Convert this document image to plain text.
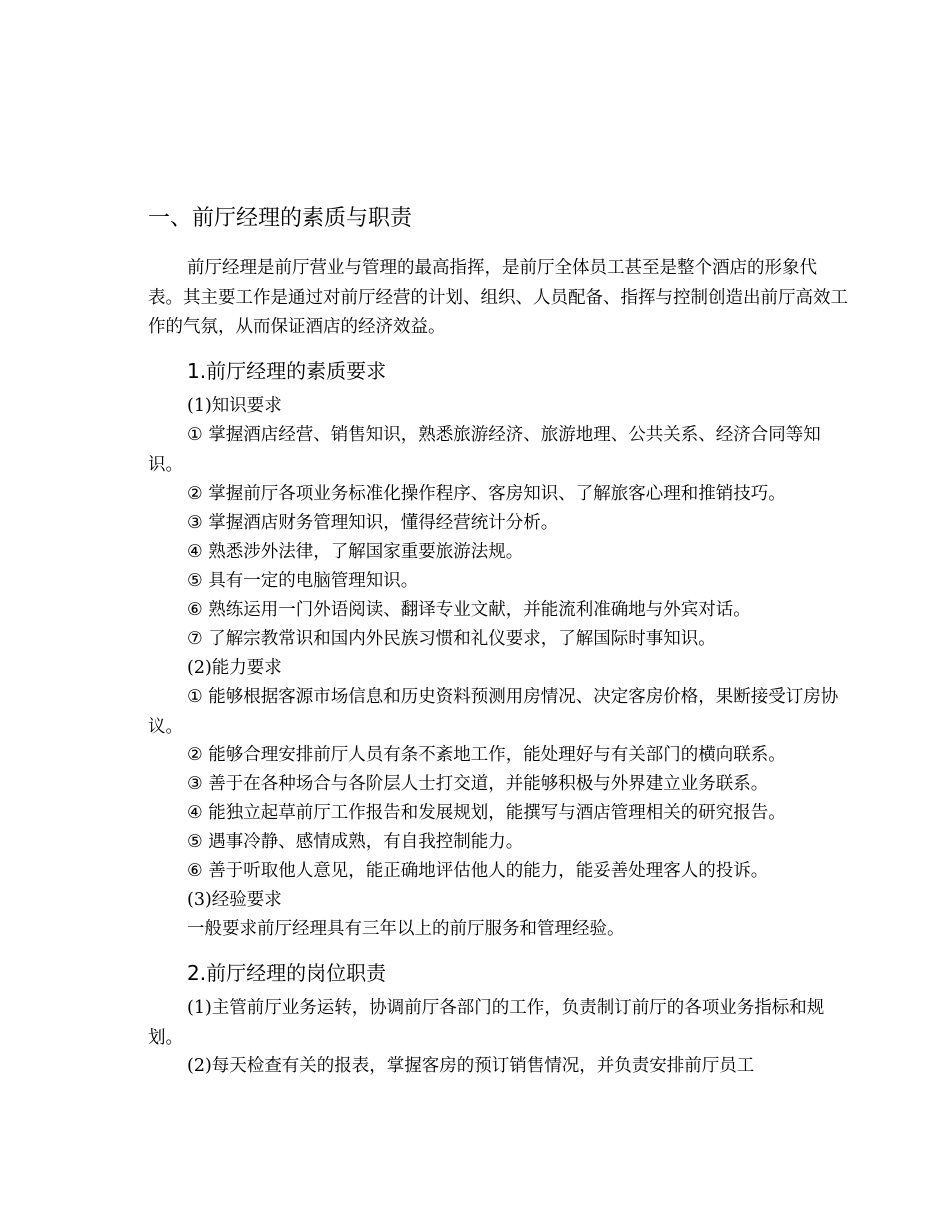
一、前厅经理的素质与职责
前厅经理是前厅营业与管理的最高指挥，是前厅全体员工甚至是整个酒店的形象代表。其主要工作是通过对前厅经营的计划、组织、人员配备、指挥与控制创造出前厅高效工作的气氛，从而保证酒店的经济效益。
1.前厅经理的素质要求
(1)知识要求
① 掌握酒店经营、销售知识，熟悉旅游经济、旅游地理、公共关系、经济合同等知识。
② 掌握前厅各项业务标准化操作程序、客房知识、了解旅客心理和推销技巧。
③ 掌握酒店财务管理知识，懂得经营统计分析。
④ 熟悉涉外法律，了解国家重要旅游法规。
⑤ 具有一定的电脑管理知识。
⑥ 熟练运用一门外语阅读、翻译专业文献，并能流利准确地与外宾对话。
⑦ 了解宗教常识和国内外民族习惯和礼仪要求，了解国际时事知识。
(2)能力要求
① 能够根据客源市场信息和历史资料预测用房情况、决定客房价格，果断接受订房协议。
② 能够合理安排前厅人员有条不紊地工作，能处理好与有关部门的横向联系。
③ 善于在各种场合与各阶层人士打交道，并能够积极与外界建立业务联系。
④ 能独立起草前厅工作报告和发展规划，能撰写与酒店管理相关的研究报告。
⑤ 遇事冷静、感情成熟，有自我控制能力。
⑥ 善于听取他人意见，能正确地评估他人的能力，能妥善处理客人的投诉。
(3)经验要求
一般要求前厅经理具有三年以上的前厅服务和管理经验。
2.前厅经理的岗位职责
(1)主管前厅业务运转，协调前厅各部门的工作，负责制订前厅的各项业务指标和规划。
(2)每天检查有关的报表，掌握客房的预订销售情况，并负责安排前厅员工
